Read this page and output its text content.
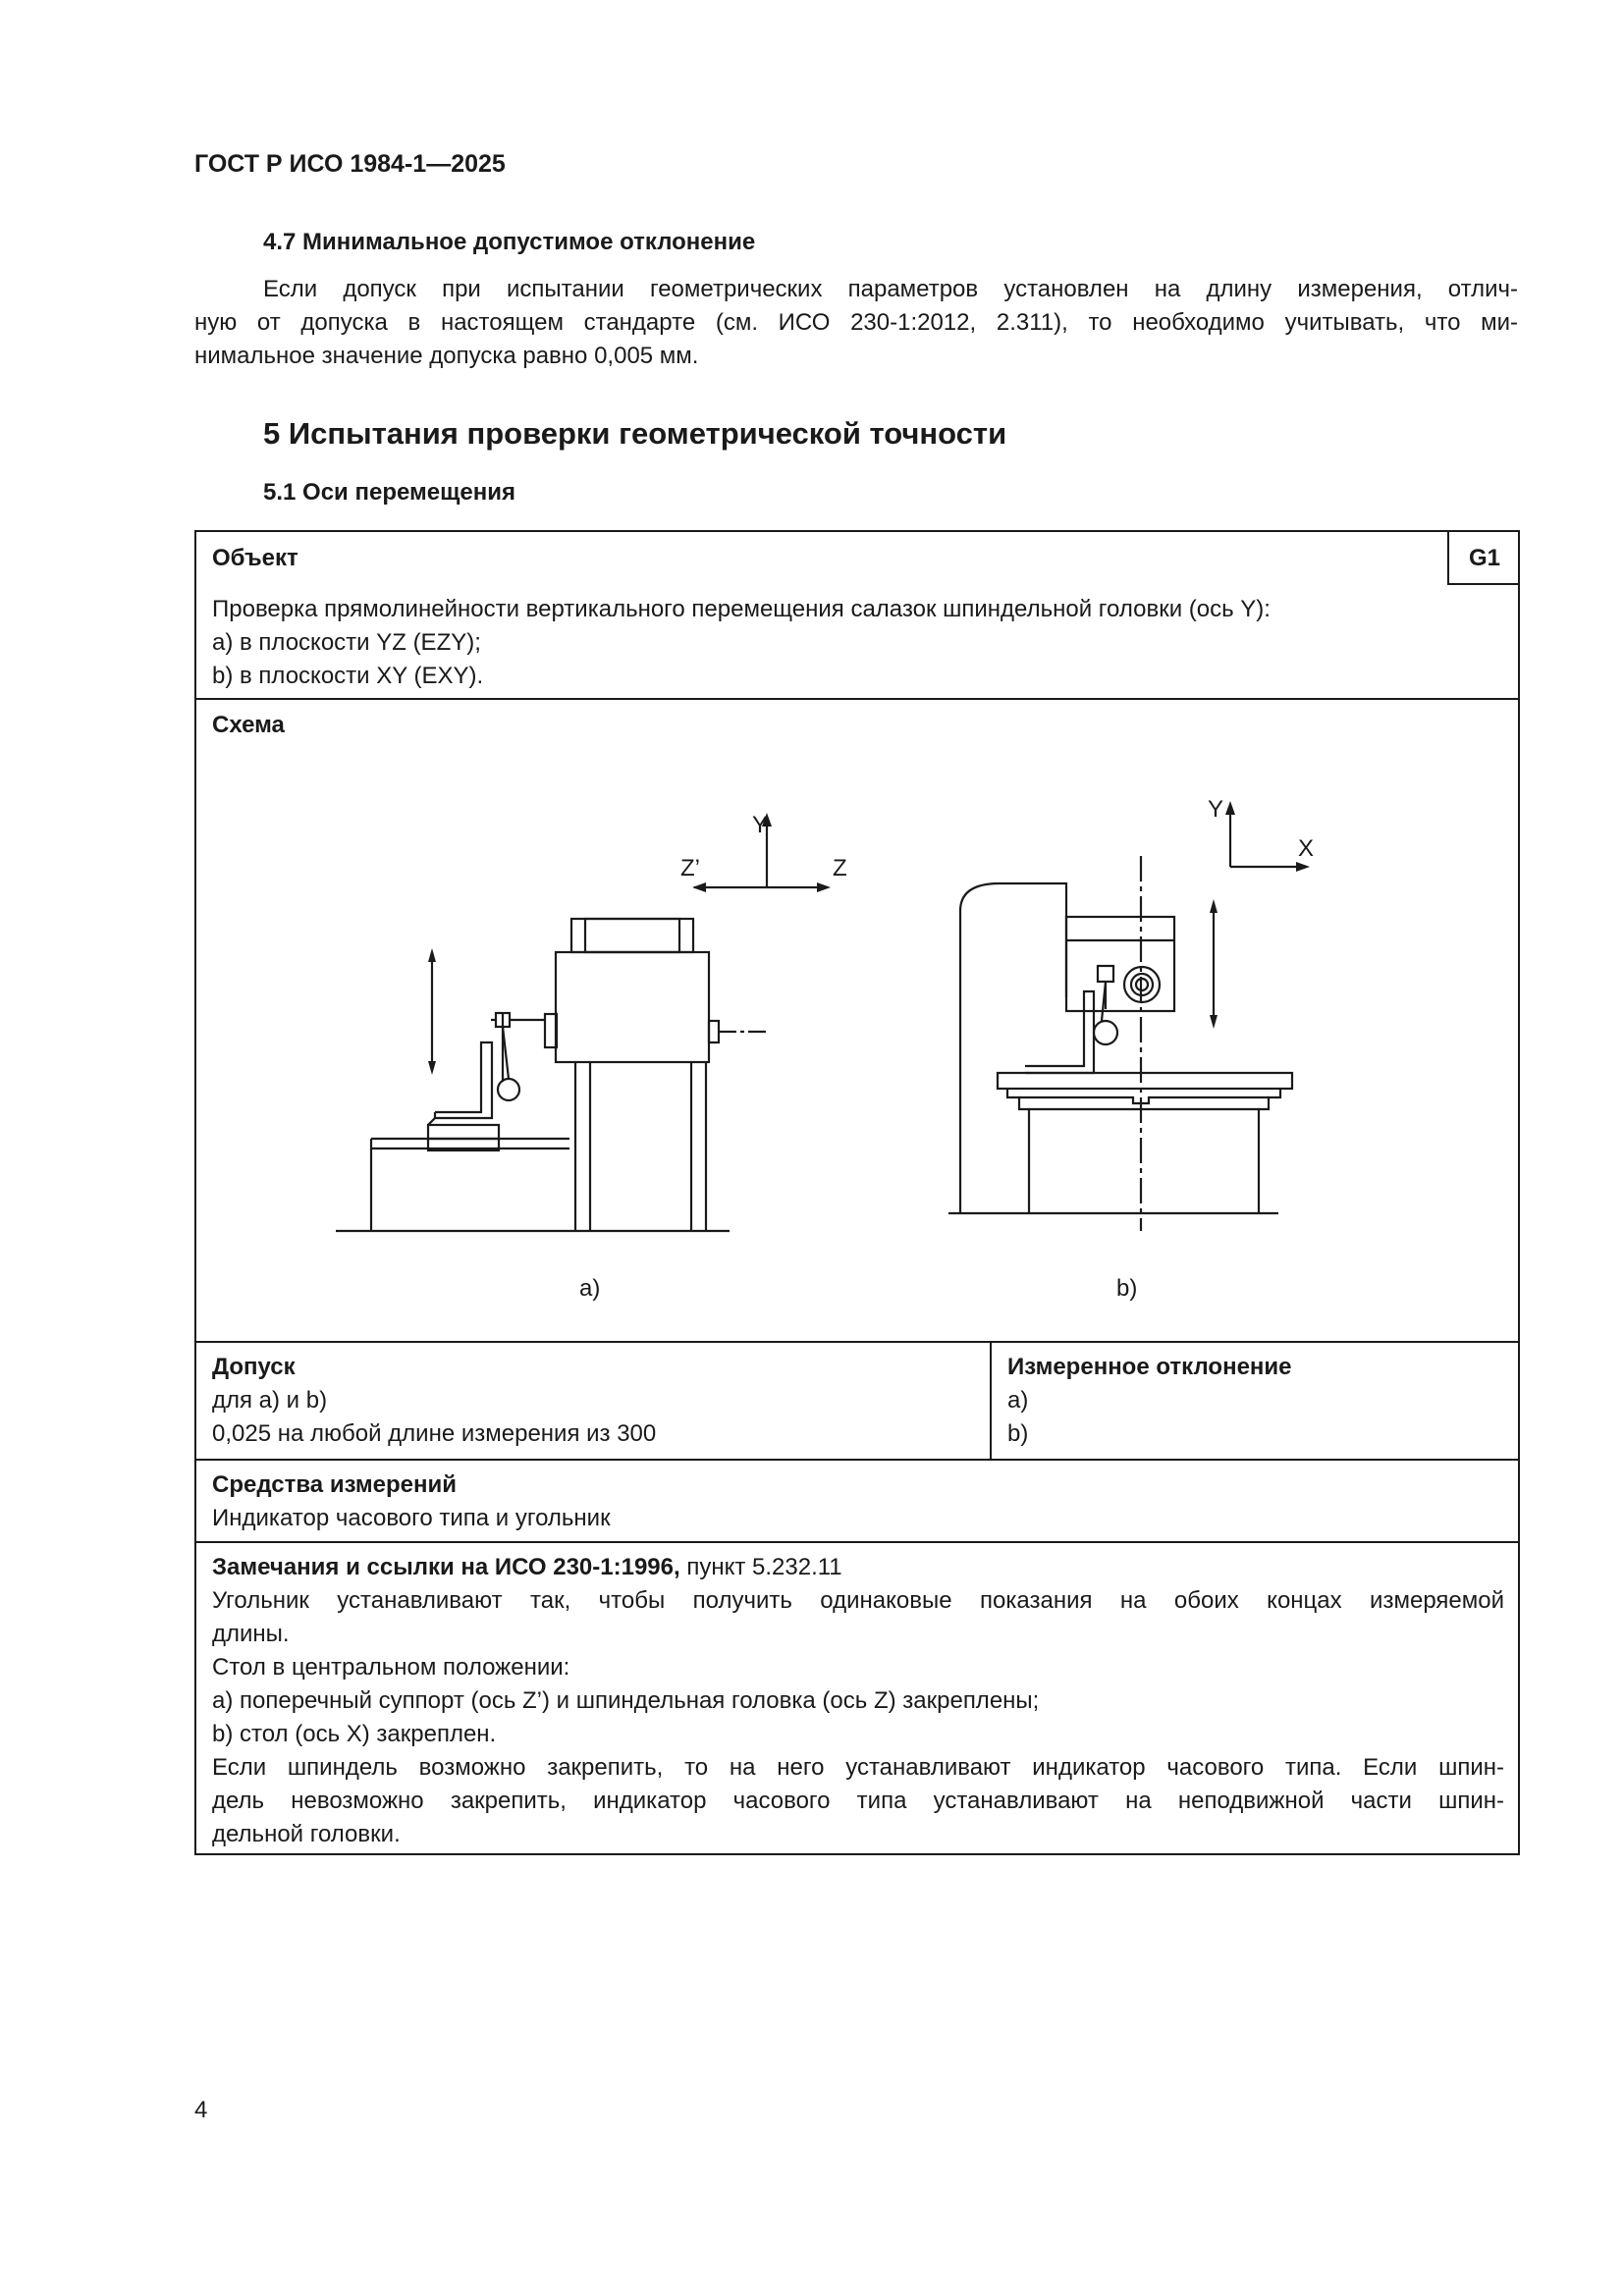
ГОСТ Р ИСО 1984-1—2025
4.7 Минимальное допустимое отклонение
Если допуск при испытании геометрических параметров установлен на длину измерения, отлич-
ную от допуска в настоящем стандарте (см. ИСО 230-1:2012, 2.311), то необходимо учитывать, что ми-
нимальное значение допуска равно 0,005 мм.
5 Испытания проверки геометрической точности
5.1 Оси перемещения
Объект	G1
Проверка прямолинейности вертикального перемещения салазок шпиндельной головки (ось Y):
a) в плоскости YZ (EZY);
b) в плоскости XY (EXY).
Схема
Y
Z’	Z
a)
Y
X
b)
Допуск
для a) и b)
0,025 на любой длине измерения из 300
Измеренное отклонение
a)
b)
Средства измерений
Индикатор часового типа и угольник
Замечания и ссылки на ИСО 230-1:1996, пункт 5.232.11
Угольник устанавливают так, чтобы получить одинаковые показания на обоих концах измеряемой
длины.
Стол в центральном положении:
a) поперечный суппорт (ось Z’) и шпиндельная головка (ось Z) закреплены;
b) стол (ось X) закреплен.
Если шпиндель возможно закрепить, то на него устанавливают индикатор часового типа. Если шпин-
дель невозможно закрепить, индикатор часового типа устанавливают на неподвижной части шпин-
дельной головки.
4
